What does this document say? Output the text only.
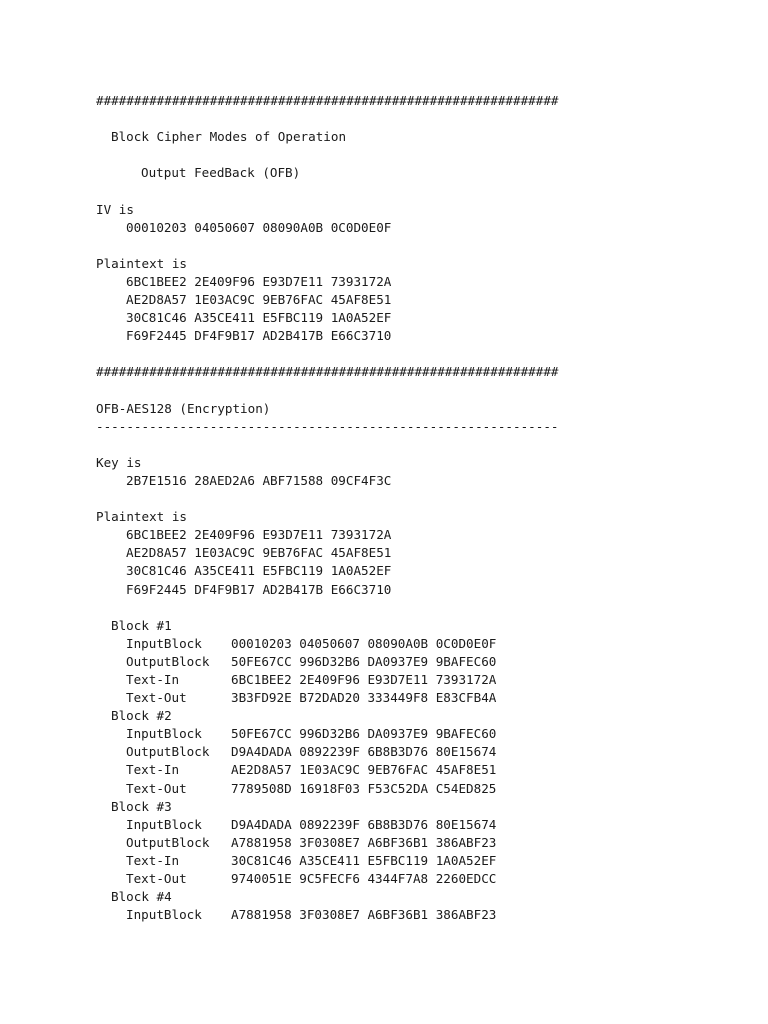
#############################################################
Block Cipher Modes of Operation
Output FeedBack (OFB)
IV is
00010203 04050607 08090A0B 0C0D0E0F
Plaintext is
6BC1BEE2 2E409F96 E93D7E11 7393172A
AE2D8A57 1E03AC9C 9EB76FAC 45AF8E51
30C81C46 A35CE411 E5FBC119 1A0A52EF
F69F2445 DF4F9B17 AD2B417B E66C3710
#############################################################
OFB-AES128 (Encryption)
-------------------------------------------------------------
Key is
2B7E1516 28AED2A6 ABF71588 09CF4F3C
Plaintext is
6BC1BEE2 2E409F96 E93D7E11 7393172A
AE2D8A57 1E03AC9C 9EB76FAC 45AF8E51
30C81C46 A35CE411 E5FBC119 1A0A52EF
F69F2445 DF4F9B17 AD2B417B E66C3710
Block #1
InputBlock	00010203 04050607 08090A0B 0C0D0E0F
OutputBlock	50FE67CC 996D32B6 DA0937E9 9BAFEC60
Text-In	6BC1BEE2 2E409F96 E93D7E11 7393172A
Text-Out	3B3FD92E B72DAD20 333449F8 E83CFB4A
Block #2
InputBlock	50FE67CC 996D32B6 DA0937E9 9BAFEC60
OutputBlock	D9A4DADA 0892239F 6B8B3D76 80E15674
Text-In	AE2D8A57 1E03AC9C 9EB76FAC 45AF8E51
Text-Out	7789508D 16918F03 F53C52DA C54ED825
Block #3
InputBlock	D9A4DADA 0892239F 6B8B3D76 80E15674
OutputBlock	A7881958 3F0308E7 A6BF36B1 386ABF23
Text-In	30C81C46 A35CE411 E5FBC119 1A0A52EF
Text-Out	9740051E 9C5FECF6 4344F7A8 2260EDCC
Block #4
InputBlock	A7881958 3F0308E7 A6BF36B1 386ABF23
